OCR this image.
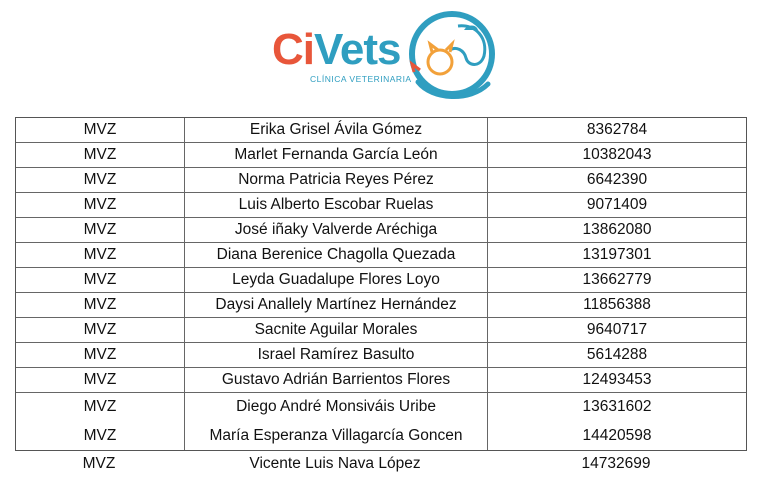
CiVets
CLÍNICA VETERINARIA
MVZ	Erika Grisel Ávila Gómez	8362784
MVZ	Marlet Fernanda García León	10382043
MVZ	Norma Patricia Reyes Pérez	6642390
MVZ	Luis Alberto Escobar Ruelas	9071409
MVZ	José iñaky Valverde Aréchiga	13862080
MVZ	Diana Berenice Chagolla Quezada	13197301
MVZ	Leyda Guadalupe Flores Loyo	13662779
MVZ	Daysi Anallely Martínez Hernández	11856388
MVZ	Sacnite Aguilar Morales	9640717
MVZ	Israel Ramírez Basulto	5614288
MVZ	Gustavo Adrián Barrientos Flores	12493453
MVZ	Diego André Monsiváis Uribe	13631602
MVZ	María Esperanza Villagarcía Goncen	14420598
MVZ	Vicente Luis Nava López	14732699
